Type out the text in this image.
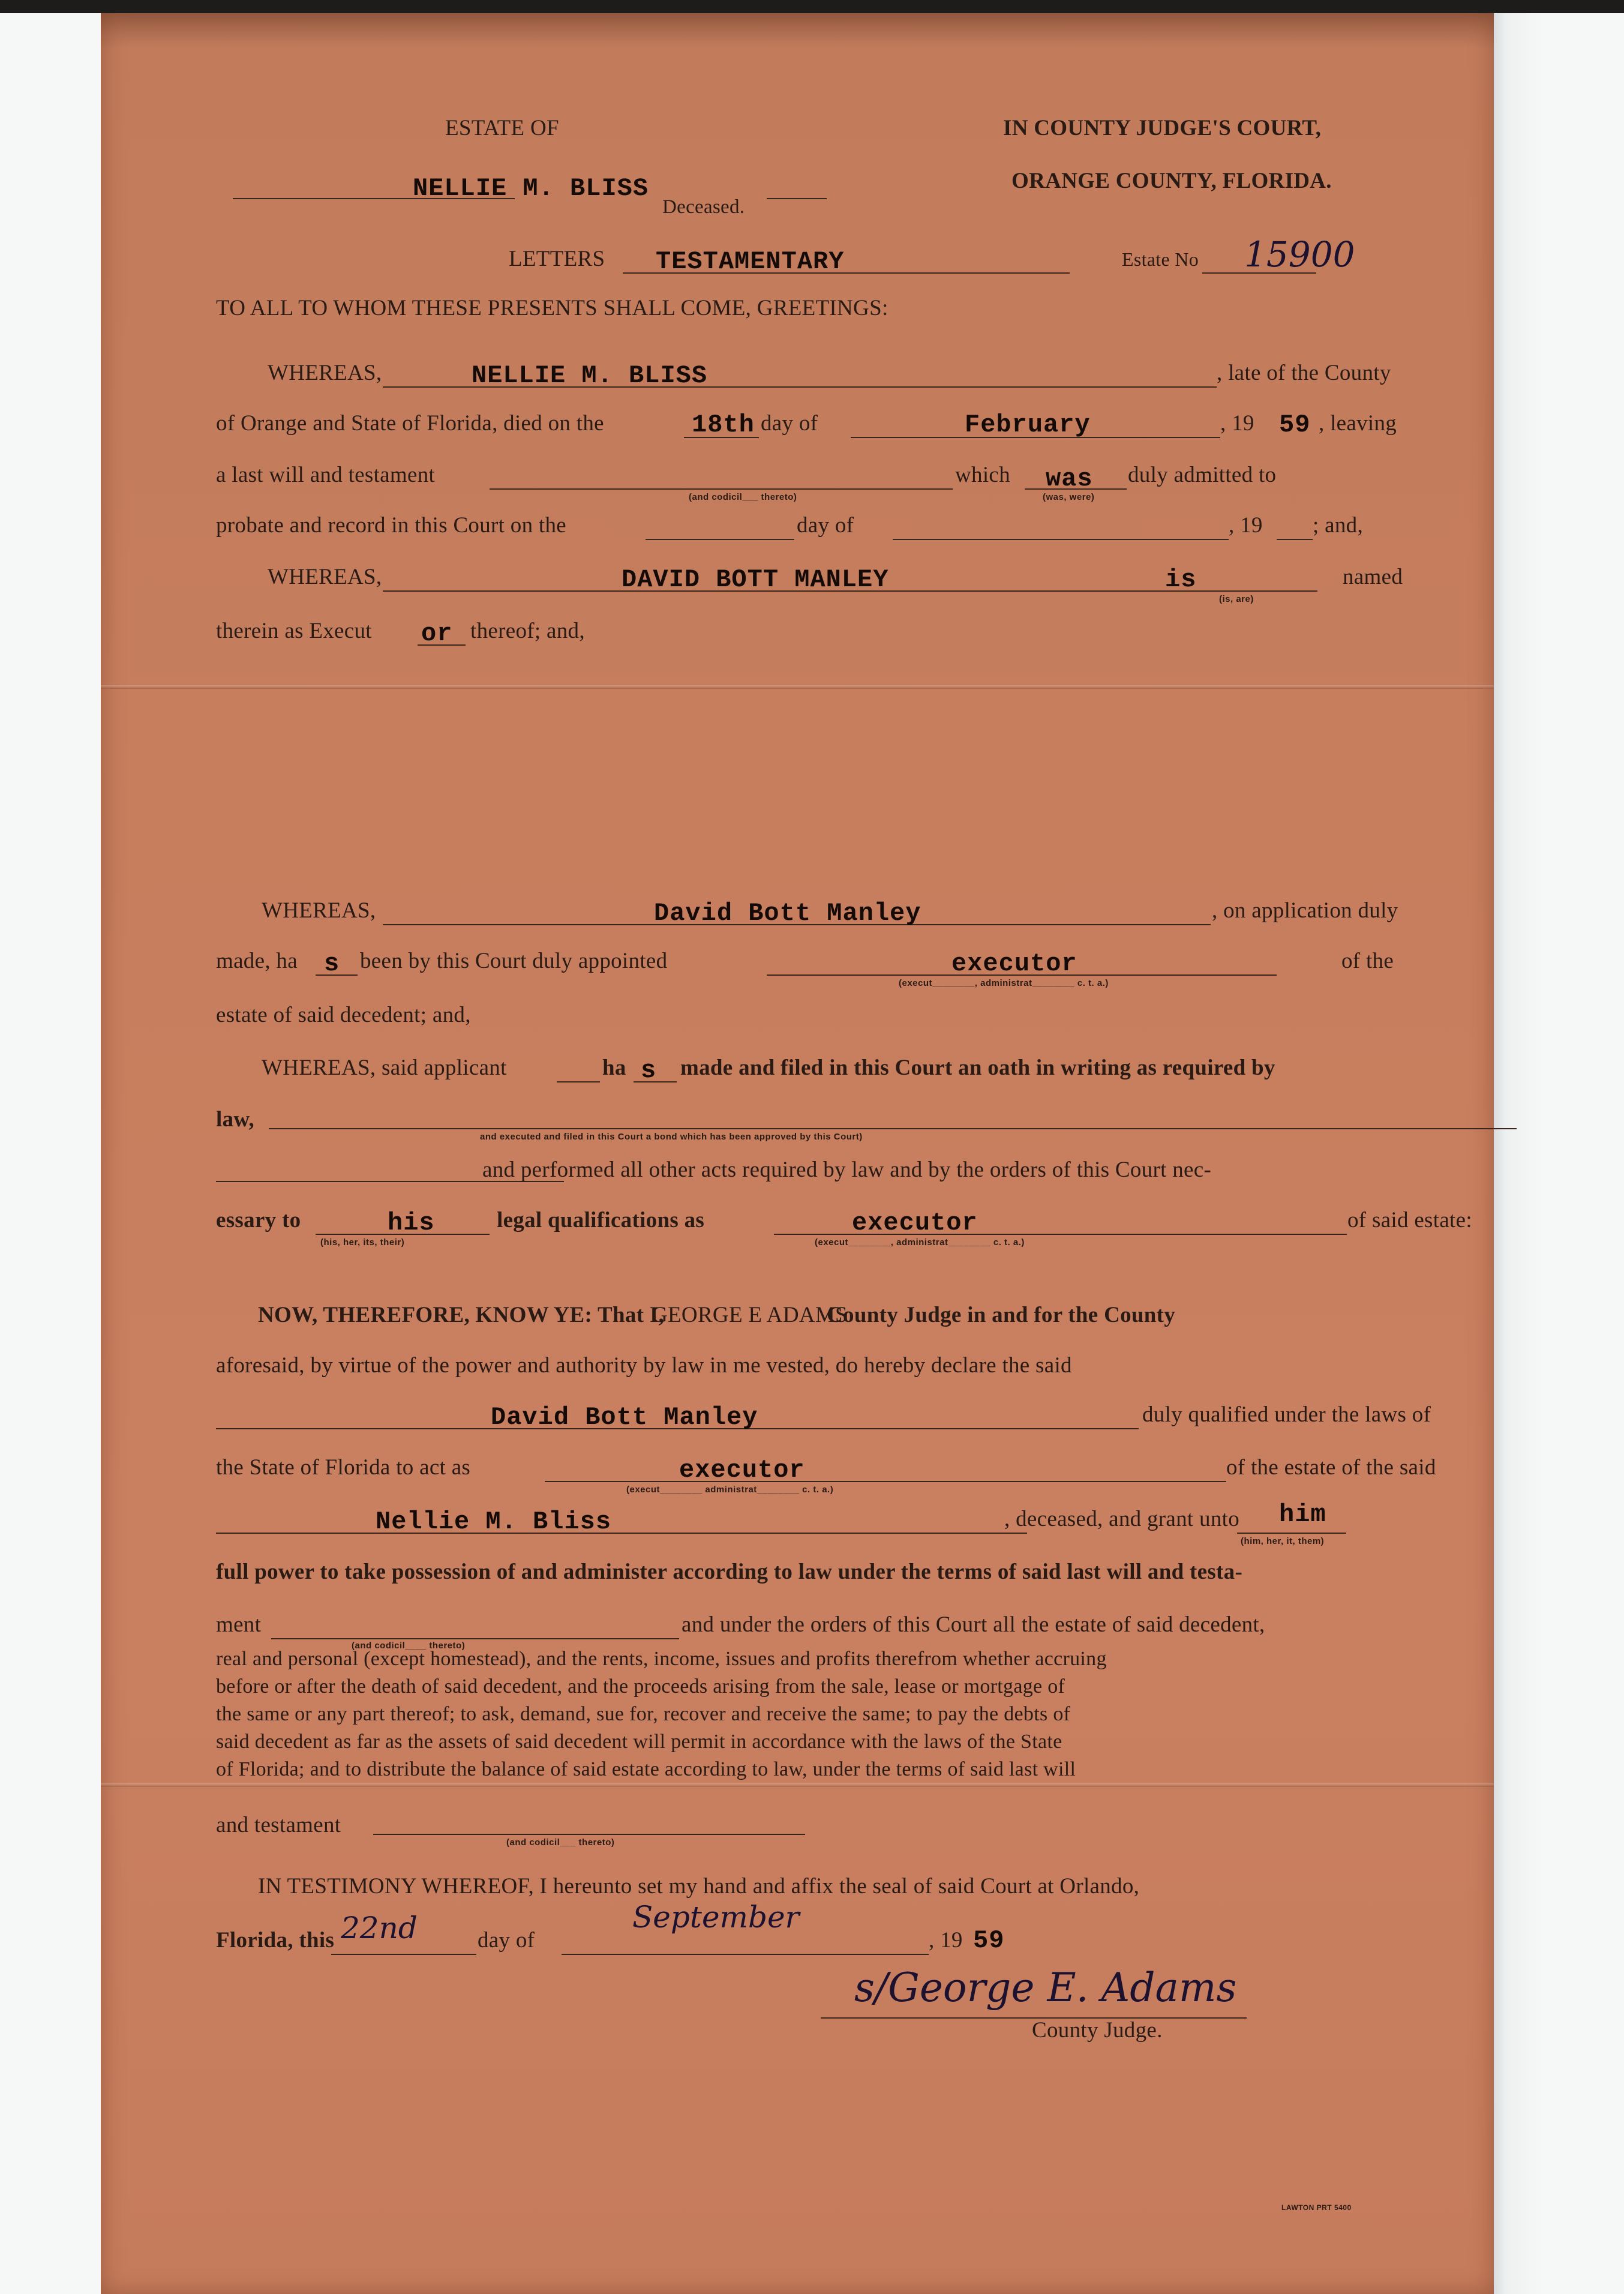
ESTATE OF
NELLIE M. BLISS
Deceased.
IN COUNTY JUDGE'S COURT,
ORANGE COUNTY, FLORIDA.
LETTERS TESTAMENTARY	Estate No 15900
TO ALL TO WHOM THESE PRESENTS SHALL COME, GREETINGS:
WHEREAS,	NELLIE M. BLISS	, late of the County
of Orange and State of Florida, died on the	18th day of	February	, 19 59 , leaving
a last will and testament
(and codicil___ thereto)
which was
(was, were)
duly admitted to
probate and record in this Court on the	day of	, 19 ; and,
WHEREAS,	DAVID BOTT MANLEY	is
(is, are)
named
therein as Execut or thereof; and,
WHEREAS,	David Bott Manley	, on application duly
made, ha s been by this Court duly appointed	executor
(execut________, administrat________ c. t. a.)
of the
estate of said decedent; and,
WHEREAS, said applicant	ha s made and filed in this Court an oath in writing as required by
law,
and executed and filed in this Court a bond which has been approved by this Court)
and performed all other acts required by law and by the orders of this Court nec-
essary to	his
(his, her, its, their)
legal qualifications as	executor
(execut________, administrat________ c. t. a.)
of said estate:
NOW, THEREFORE, KNOW YE: That I,
GEORGE E ADAMS
County Judge in and for the County
aforesaid, by virtue of the power and authority by law in me vested, do hereby declare the said
David Bott Manley	duly qualified under the laws of
the State of Florida to act as	executor
(execut________ administrat________ c. t. a.)
of the estate of the said
Nellie M. Bliss	, deceased, and grant unto him
(him, her, it, them)
full power to take possession of and administer according to law under the terms of said last will and testa-
ment
(and codicil____ thereto)
and under the orders of this Court all the estate of said decedent,
real and personal (except homestead), and the rents, income, issues and profits therefrom whether accruing
before or after the death of said decedent, and the proceeds arising from the sale, lease or mortgage of
the same or any part thereof; to ask, demand, sue for, recover and receive the same; to pay the debts of
said decedent as far as the assets of said decedent will permit in accordance with the laws of the State
of Florida; and to distribute the balance of said estate according to law, under the terms of said last will
and testament
(and codicil___ thereto)
IN TESTIMONY WHEREOF, I hereunto set my hand and affix the seal of said Court at Orlando,
Florida, this 22nd	day of
September
, 19 59
s/George E. Adams
County Judge.
LAWTON PRT 5400
